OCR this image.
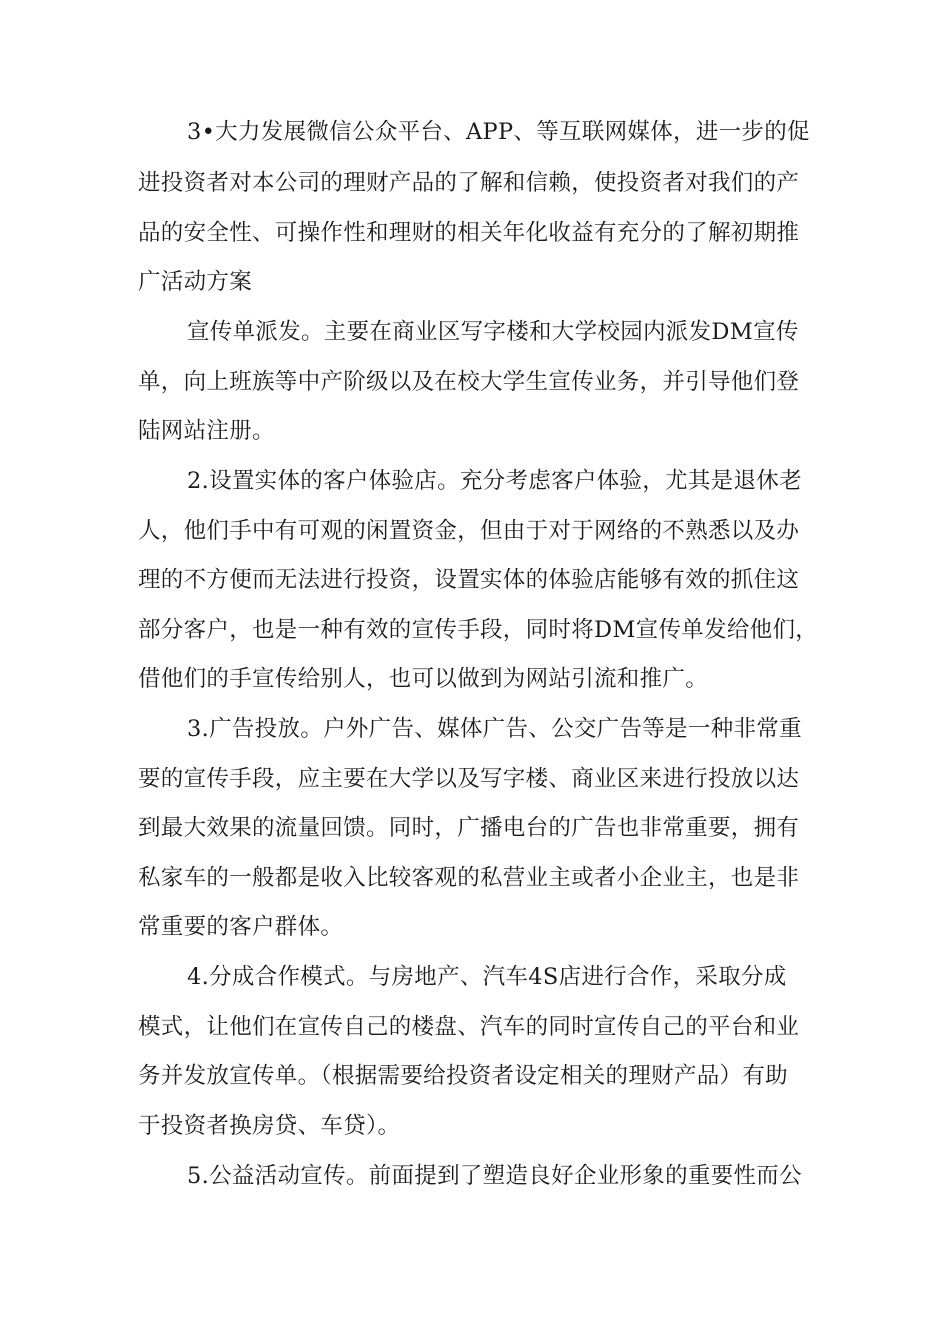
3•大力发展微信公众平台、APP、等互联网媒体，进一步的促
进投资者对本公司的理财产品的了解和信赖，使投资者对我们的产
品的安全性、可操作性和理财的相关年化收益有充分的了解初期推
广活动方案
宣传单派发。主要在商业区写字楼和大学校园内派发DM宣传
单，向上班族等中产阶级以及在校大学生宣传业务，并引导他们登
陆网站注册。
2.设置实体的客户体验店。充分考虑客户体验，尤其是退休老
人，他们手中有可观的闲置资金，但由于对于网络的不熟悉以及办
理的不方便而无法进行投资，设置实体的体验店能够有效的抓住这
部分客户，也是一种有效的宣传手段，同时将DM宣传单发给他们，
借他们的手宣传给别人，也可以做到为网站引流和推广。
3.广告投放。户外广告、媒体广告、公交广告等是一种非常重
要的宣传手段，应主要在大学以及写字楼、商业区来进行投放以达
到最大效果的流量回馈。同时，广播电台的广告也非常重要，拥有
私家车的一般都是收入比较客观的私营业主或者小企业主，也是非
常重要的客户群体。
4.分成合作模式。与房地产、汽车4S店进行合作，采取分成
模式，让他们在宣传自己的楼盘、汽车的同时宣传自己的平台和业
务并发放宣传单。（根据需要给投资者设定相关的理财产品）有助
于投资者换房贷、车贷）。
5.公益活动宣传。前面提到了塑造良好企业形象的重要性而公
